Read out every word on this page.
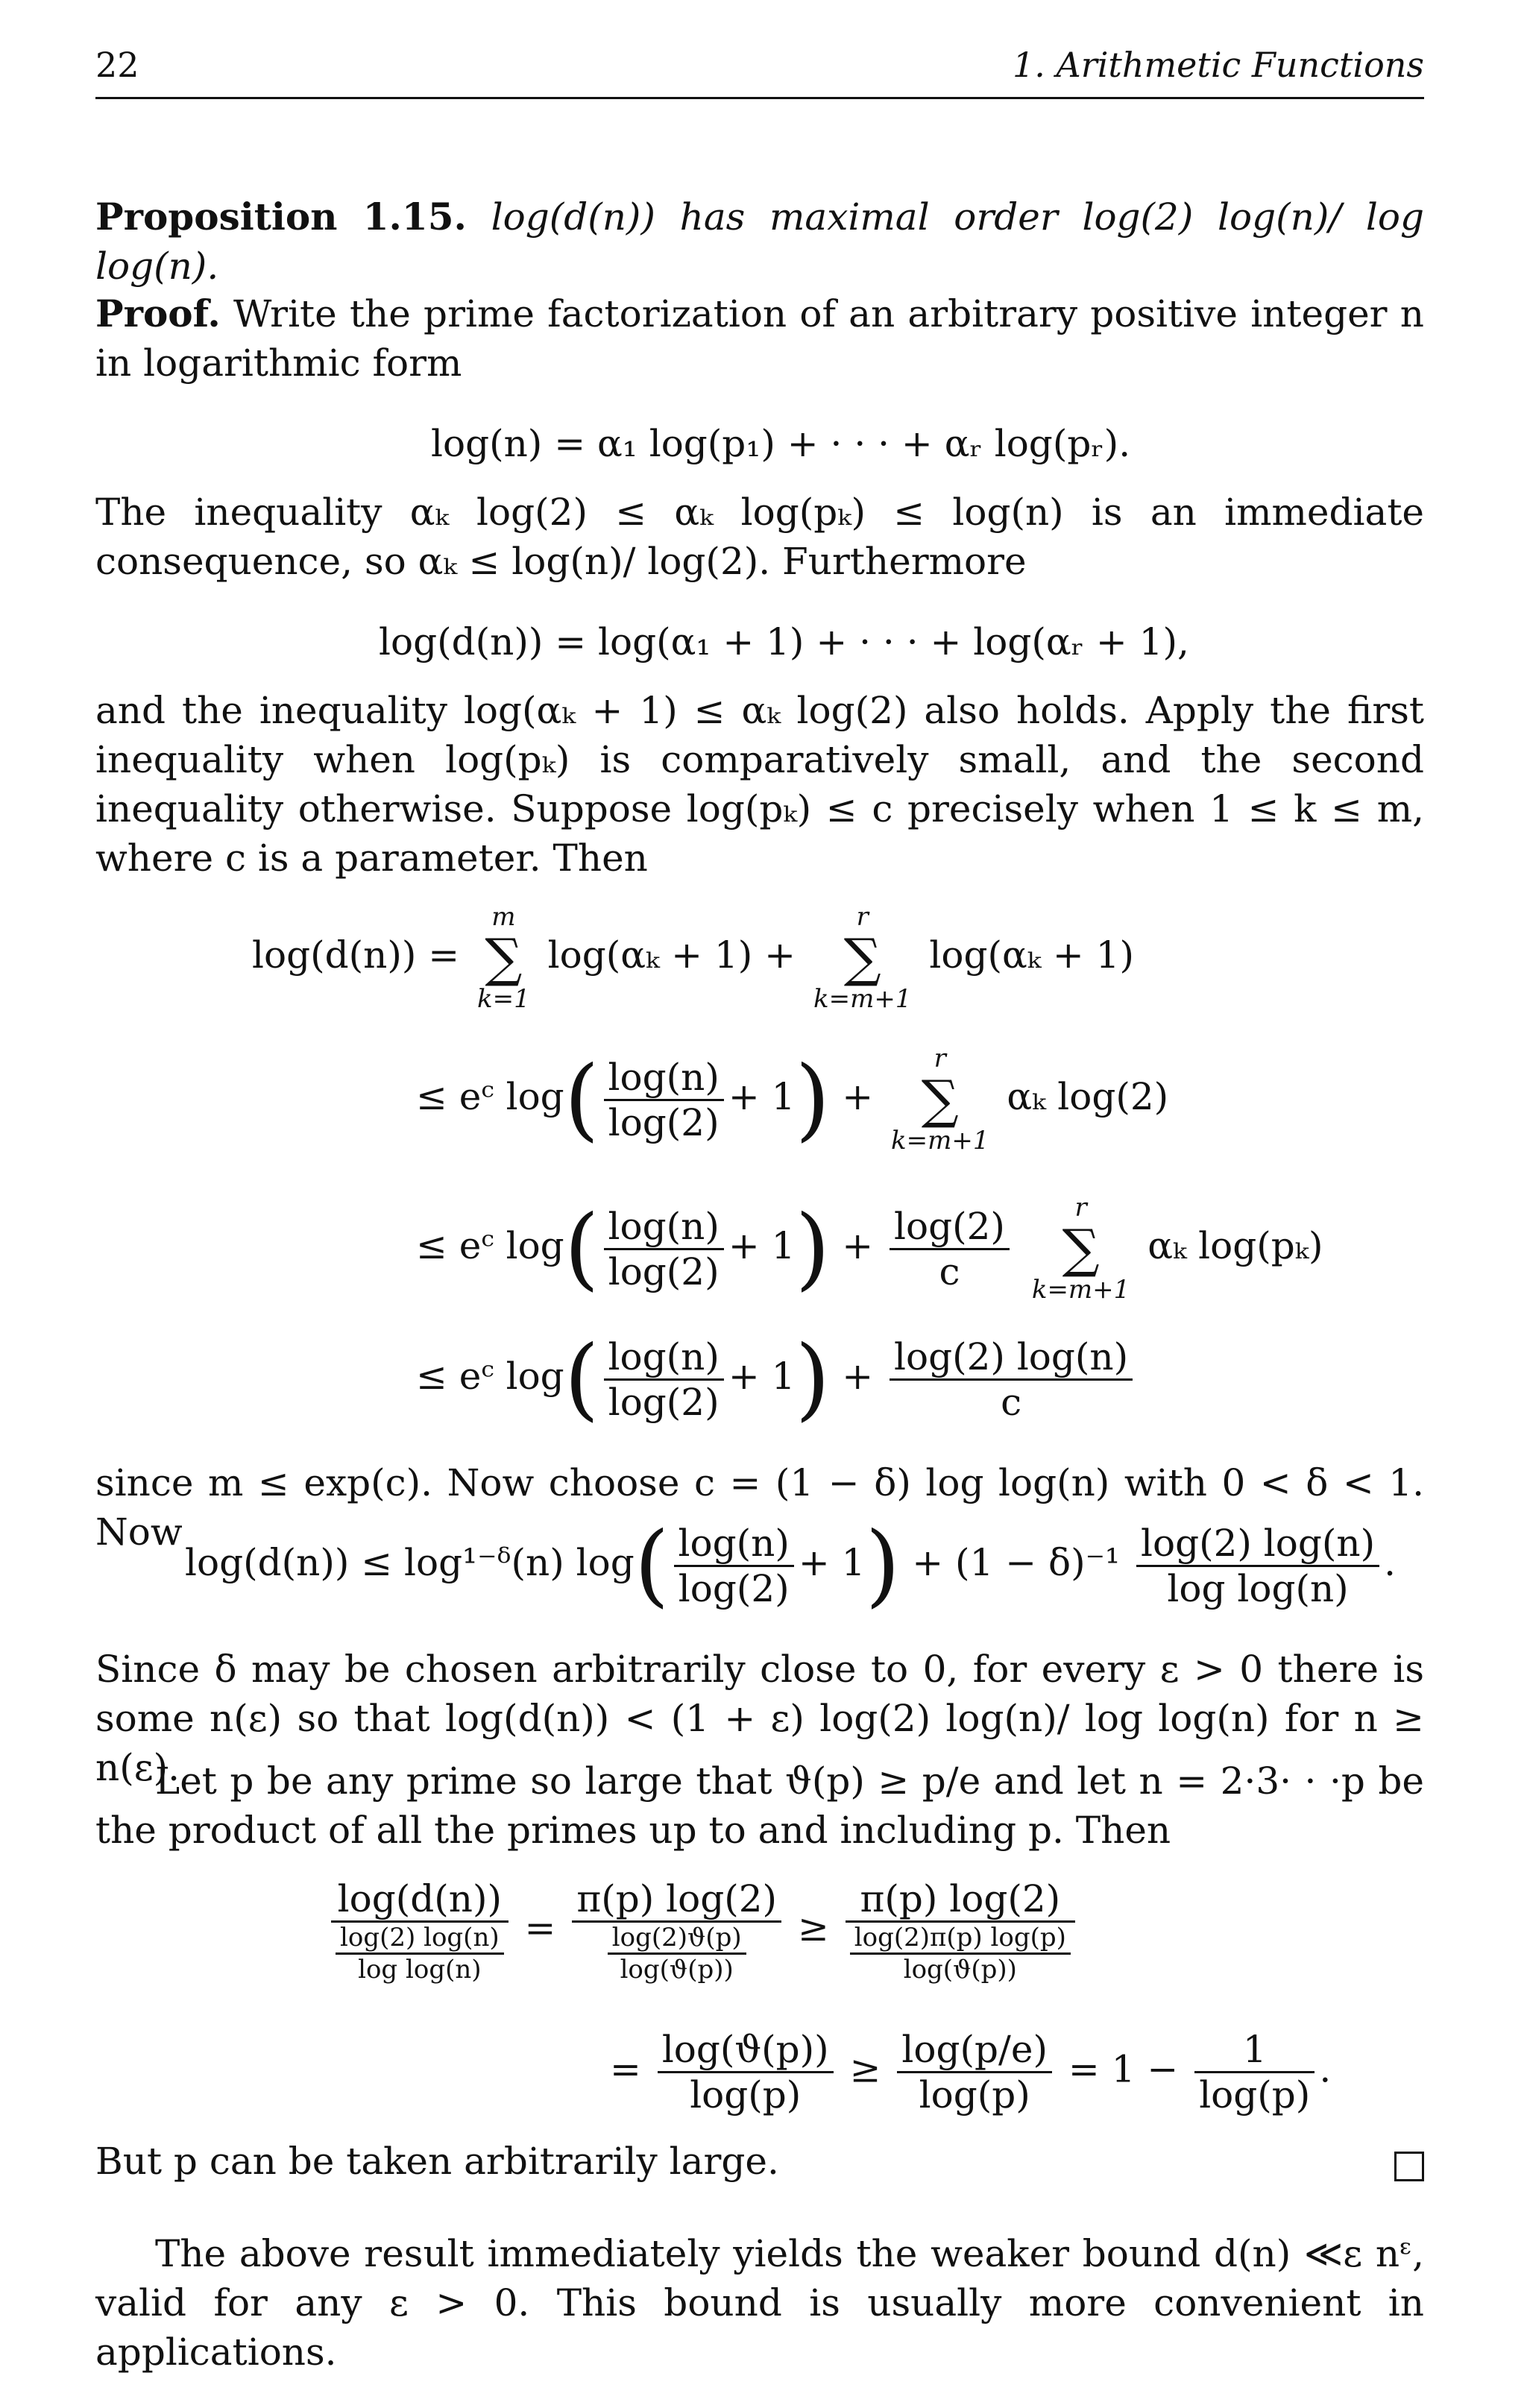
22	1. Arithmetic Functions
Proposition 1.15. log(d(n)) has maximal order log(2) log(n)/ log log(n).
Proof. Write the prime factorization of an arbitrary positive integer n in logarithmic form
log(n) = α₁ log(p₁) + · · · + αᵣ log(pᵣ).
The inequality αₖ log(2) ≤ αₖ log(pₖ) ≤ log(n) is an immediate consequence, so αₖ ≤ log(n)/ log(2). Furthermore
log(d(n)) = log(α₁ + 1) + · · · + log(αᵣ + 1),
and the inequality log(αₖ + 1) ≤ αₖ log(2) also holds. Apply the first inequality when log(pₖ) is comparatively small, and the second inequality otherwise. Suppose log(pₖ) ≤ c precisely when 1 ≤ k ≤ m, where c is a parameter. Then
log(d(n)) =
m
∑
k=1
log(αₖ + 1) +
r
∑
k=m+1
log(αₖ + 1)
≤ eᶜ $\log( \frac{\log(n)}{\log(2)} + 1)$ +
r
∑
k=m+1
αₖ log(2)
≤ eᶜ $\log( \frac{\log(n)}{\log(2)} + 1) + \frac{\log(2)}{c}$
	r
∑
k=m+1
αₖ log(pₖ)
≤ eᶜ $\log( \frac{\log(n)}{\log(2)} + 1) + \frac{\log(2) \log(n)}{c}$
since m ≤ exp(c). Now choose c = (1 − δ) log log(n) with 0 < δ < 1. Now
log(d(n)) ≤ log¹⁻ᵟ(n) $\log( \frac{\log(n)}{\log(2)} + 1) + (1 - \delta)^{-1} \frac{\log(2) \log(n)}{\text{log log(n)}}$ .
Since δ may be chosen arbitrarily close to 0, for every ε > 0 there is some n(ε) so that log(d(n)) < (1 + ε) log(2) log(n)/ log log(n) for n ≥ n(ε).
Let p be any prime so large that ϑ(p) ≥ p/e and let n = 2·3· · ·p be the product of all the primes up to and including p. Then
$\frac{\log(d(n))}{\frac{\log(2) \log(n)}{\text{log log(n)}}} = \frac{\pi(p) \log(2)}{\frac{\log(2)ϑ(p)}{\log(ϑ(p))}} \ge \frac{\pi(p) \log(2)}{\frac{\log(2)\pi(p) \log(p)}{\log(ϑ(p))}}$
= $\frac{\log(ϑ(p))}{\log(p)} \ge \frac{\log(p/e)}{\log(p)} = 1 - \frac{1}{\log(p)}$ .
But p can be taken arbitrarily large.
The above result immediately yields the weaker bound d(n) ≪ε nᵋ, valid for any ε > 0. This bound is usually more convenient in applications.
